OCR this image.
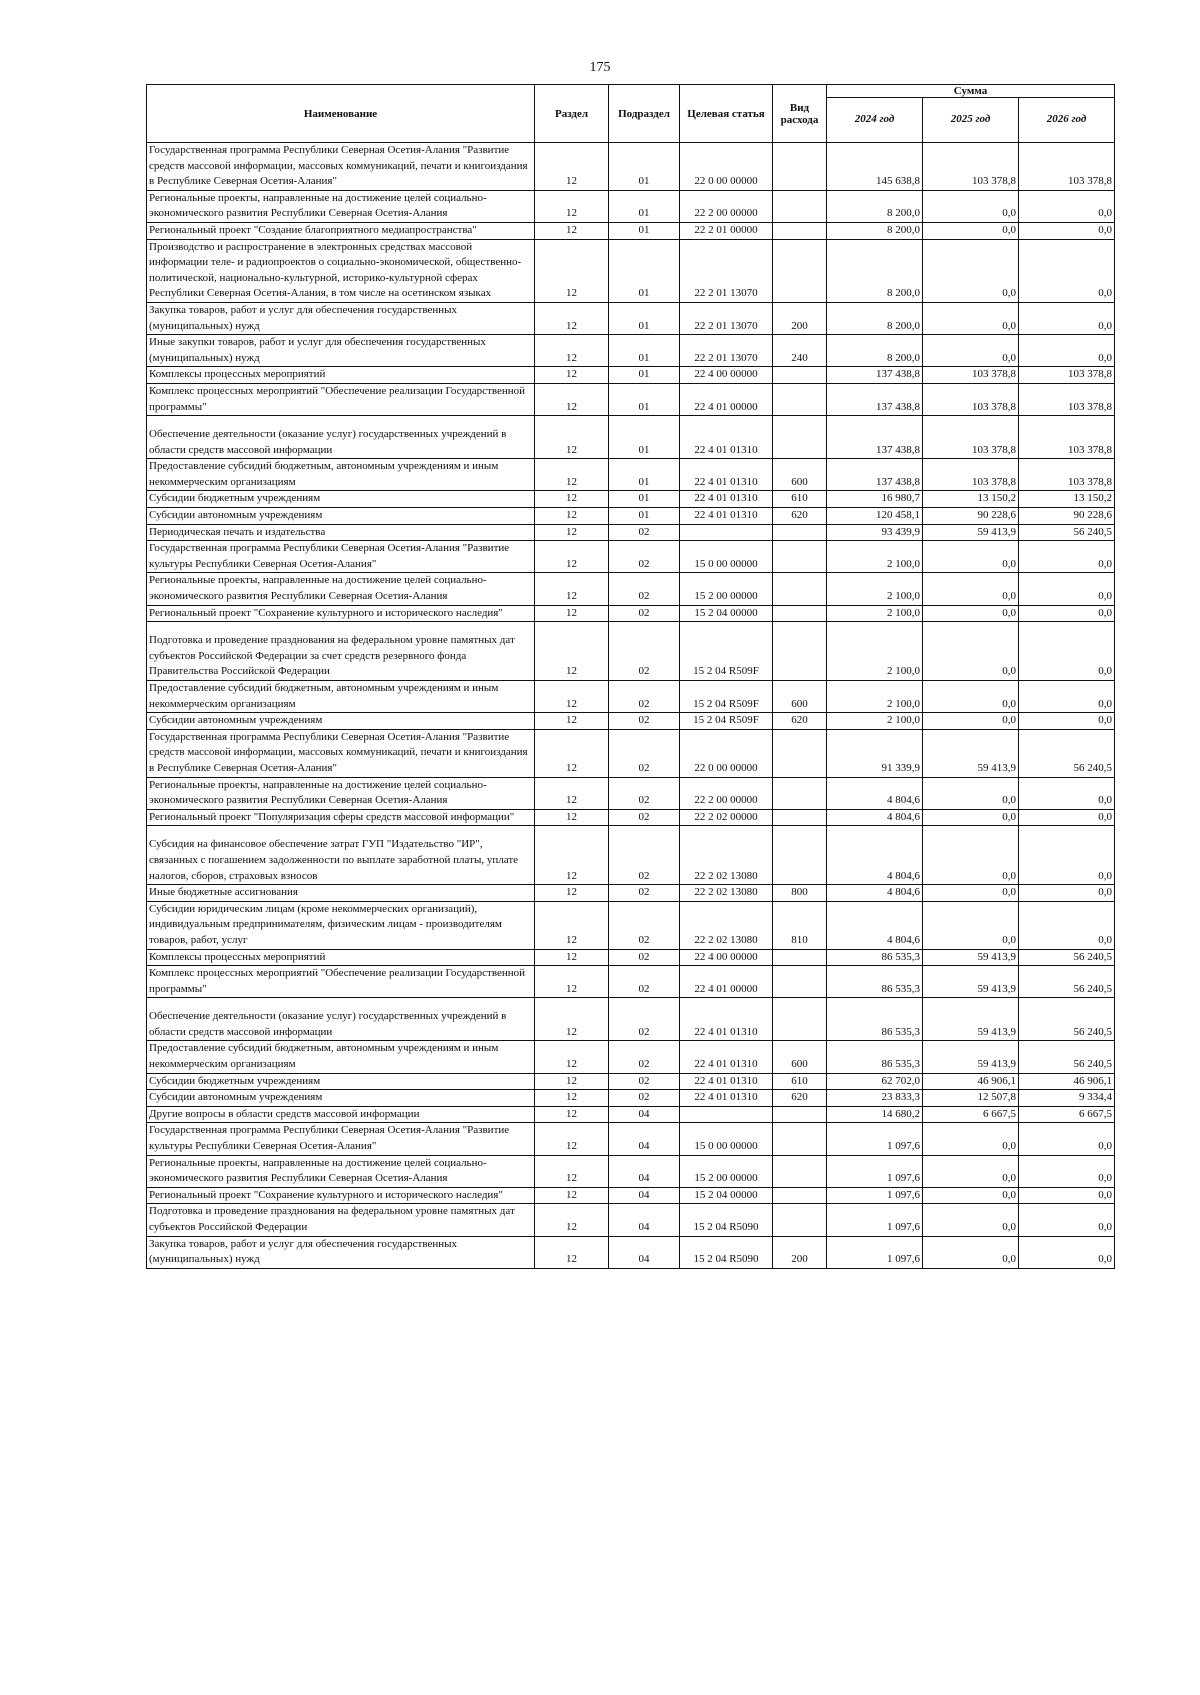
175
Наименование	Раздел	Подраздел	Целевая статья	Вид расхода	Сумма		
					2024 год	2025 год	2026 год
Государственная программа Республики Северная Осетия-Алания "Развитие средств массовой информации, массовых коммуникаций, печати и книгоиздания в Республике Северная Осетия-Алания"	12	01	22 0 00 00000		145 638,8	103 378,8	103 378,8
Региональные проекты, направленные на достижение целей социально-экономического развития Республики Северная Осетия-Алания	12	01	22 2 00 00000		8 200,0	0,0	0,0
Региональный проект "Создание благоприятного медиапространства"	12	01	22 2 01 00000		8 200,0	0,0	0,0
Производство и распространение в электронных средствах массовой информации теле- и радиопроектов о социально-экономической, общественно-политической, национально-культурной, историко-культурной сферах Республики Северная Осетия-Алания, в том числе на осетинском языках	12	01	22 2 01 13070		8 200,0	0,0	0,0
Закупка товаров, работ и услуг для обеспечения государственных (муниципальных) нужд	12	01	22 2 01 13070	200	8 200,0	0,0	0,0
Иные закупки товаров, работ и услуг для обеспечения государственных (муниципальных) нужд	12	01	22 2 01 13070	240	8 200,0	0,0	0,0
Комплексы процессных мероприятий	12	01	22 4 00 00000		137 438,8	103 378,8	103 378,8
Комплекс процессных мероприятий "Обеспечение реализации Государственной программы"	12	01	22 4 01 00000		137 438,8	103 378,8	103 378,8
Обеспечение деятельности (оказание услуг) государственных учреждений в области средств массовой информации	12	01	22 4 01 01310		137 438,8	103 378,8	103 378,8
Предоставление субсидий бюджетным, автономным учреждениям и иным некоммерческим организациям	12	01	22 4 01 01310	600	137 438,8	103 378,8	103 378,8
Субсидии бюджетным учреждениям	12	01	22 4 01 01310	610	16 980,7	13 150,2	13 150,2
Субсидии автономным учреждениям	12	01	22 4 01 01310	620	120 458,1	90 228,6	90 228,6
Периодическая печать и издательства	12	02			93 439,9	59 413,9	56 240,5
Государственная программа Республики Северная Осетия-Алания "Развитие культуры Республики Северная Осетия-Алания"	12	02	15 0 00 00000		2 100,0	0,0	0,0
Региональные проекты, направленные на достижение целей социально-экономического развития Республики Северная Осетия-Алания	12	02	15 2 00 00000		2 100,0	0,0	0,0
Региональный проект "Сохранение культурного и исторического наследия"	12	02	15 2 04 00000		2 100,0	0,0	0,0
Подготовка и проведение празднования на федеральном уровне памятных дат субъектов Российской Федерации за счет средств резервного фонда Правительства Российской Федерации	12	02	15 2 04 R509F		2 100,0	0,0	0,0
Предоставление субсидий бюджетным, автономным учреждениям и иным некоммерческим организациям	12	02	15 2 04 R509F	600	2 100,0	0,0	0,0
Субсидии автономным учреждениям	12	02	15 2 04 R509F	620	2 100,0	0,0	0,0
Государственная программа Республики Северная Осетия-Алания "Развитие средств массовой информации, массовых коммуникаций, печати и книгоиздания в Республике Северная Осетия-Алания"	12	02	22 0 00 00000		91 339,9	59 413,9	56 240,5
Региональные проекты, направленные на достижение целей социально-экономического развития Республики Северная Осетия-Алания	12	02	22 2 00 00000		4 804,6	0,0	0,0
Региональный проект "Популяризация сферы средств массовой информации"	12	02	22 2 02 00000		4 804,6	0,0	0,0
Субсидия на финансовое обеспечение затрат ГУП "Издательство "ИР", связанных с погашением задолженности по выплате заработной платы, уплате налогов, сборов, страховых взносов	12	02	22 2 02 13080		4 804,6	0,0	0,0
Иные бюджетные ассигнования	12	02	22 2 02 13080	800	4 804,6	0,0	0,0
Субсидии юридическим лицам (кроме некоммерческих организаций), индивидуальным предпринимателям, физическим лицам - производителям товаров, работ, услуг	12	02	22 2 02 13080	810	4 804,6	0,0	0,0
Комплексы процессных мероприятий	12	02	22 4 00 00000		86 535,3	59 413,9	56 240,5
Комплекс процессных мероприятий "Обеспечение реализации Государственной программы"	12	02	22 4 01 00000		86 535,3	59 413,9	56 240,5
Обеспечение деятельности (оказание услуг) государственных учреждений в области средств массовой информации	12	02	22 4 01 01310		86 535,3	59 413,9	56 240,5
Предоставление субсидий бюджетным, автономным учреждениям и иным некоммерческим организациям	12	02	22 4 01 01310	600	86 535,3	59 413,9	56 240,5
Субсидии бюджетным учреждениям	12	02	22 4 01 01310	610	62 702,0	46 906,1	46 906,1
Субсидии автономным учреждениям	12	02	22 4 01 01310	620	23 833,3	12 507,8	9 334,4
Другие вопросы в области средств массовой информации	12	04			14 680,2	6 667,5	6 667,5
Государственная программа Республики Северная Осетия-Алания "Развитие культуры Республики Северная Осетия-Алания"	12	04	15 0 00 00000		1 097,6	0,0	0,0
Региональные проекты, направленные на достижение целей социально-экономического развития Республики Северная Осетия-Алания	12	04	15 2 00 00000		1 097,6	0,0	0,0
Региональный проект "Сохранение культурного и исторического наследия"	12	04	15 2 04 00000		1 097,6	0,0	0,0
Подготовка и проведение празднования на федеральном уровне памятных дат субъектов Российской Федерации	12	04	15 2 04 R5090		1 097,6	0,0	0,0
Закупка товаров, работ и услуг для обеспечения государственных (муниципальных) нужд	12	04	15 2 04 R5090	200	1 097,6	0,0	0,0
